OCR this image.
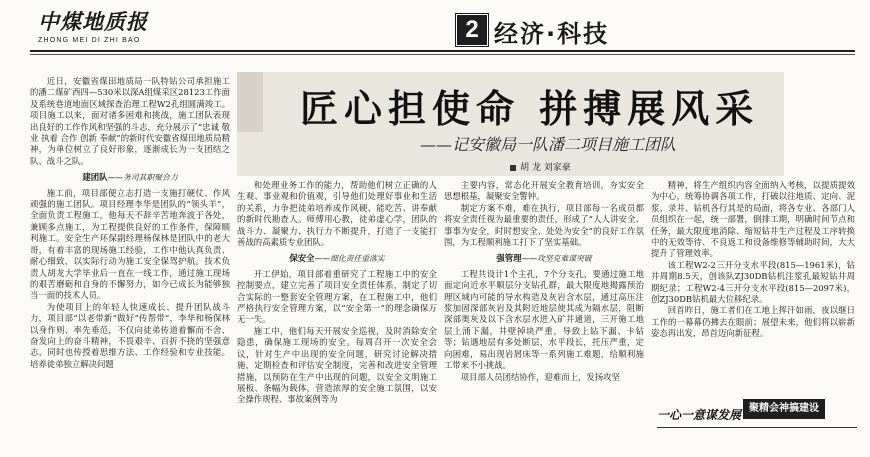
中煤地质报
ZHONG MEI DI ZHI BAO	2 经济·科技
匠心担使命 拼搏展风采
——记安徽局一队潘二项目施工团队
胡 龙 刘家豪

近日，安徽省煤田地质局一队特钻公司承担施工的潘二煤矿西四—530米以深A组煤采区28123工作面及系统巷道地面区域探查治理工程W2孔组圆满竣工。项目施工以来，面对诸多困难和挑战，施工团队表现出良好的工作作风和坚强的斗志，充分展示了“忠诚 敬业 执着 合作 创新 奉献”的新时代安徽省煤田地质局精神，为单位树立了良好形象，逐渐成长为一支团结之队、战斗之队。

建团队——务司其职聚合力

施工前，项目部便立志打造一支施打硬仗、作风顽强的施工团队。项目经理李华是团队的“领头羊”，全面负责工程施工，他每天不辞辛苦地奔波于各处，兼顾多点施工，为工程提供良好的工作条件，保障顺利施工。安全生产环保副经理杨保林是团队中的老大哥，有着丰富的现场施工经验，工作中他认真负责、耐心细致，以实际行动为施工安全保驾护航。技术负责人胡龙大学毕业后一直在一线工作，通过施工现场的艰苦磨砺和自身的不懈努力，如今已成长为能够独当一面的技术人员。

为使项目上的年轻人快速成长、提升团队战斗力，项目部“以老带新”做好“传帮带”，李华和杨保林以身作则、率先垂范，不仅向徒弟传道着懈而不舍、奋发向上的奋斗精神，不畏艰辛、百折不挠的坚强意志，同时也传授着思维方法、工作经验和专业技能。培养徒弟独立解决问题

和处理业务工作的能力，帮助他们树立正确的人生观、事业观和价值观，引导他们处理好事业和生活的关系，力争把徒弟培养成作风硬、能吃苦、讲奉献的新时代勘查人。师傅用心教，徒弟虚心学，团队的战斗力、凝聚力、执行力不断提升，打造了一支能打善战的高素质专业团队。

保安全——细化责任重落实

开工伊始，项目部着重研究了工程施工中的安全控制要点，建立完善了项目安全责任体系，制定了切合实际的一整套安全管理方案，在工程施工中，他们严格执行安全管理方案，以“安全第一”的理念确保万无一失。

施工中，他们每天开展安全巡视，及时消除安全隐患，确保施工现场的安全。每周召开一次安全会议，针对生产中出现的安全问题，研究讨论解决措施，定期检查和评估安全制度，完善和改进安全管理措施，以预防在生产中出现的问题，以安全文明施工展板、条幅为载体，营造浓厚的安全施工氛围，以安全操作规程、事故案例等为

主要内容，常态化开展安全教育培训，夯实安全思想根基，凝聚安全警钟。

制定方案不难，难在执行，项目部每一名成员都将安全责任视为最重要的责任，形成了“人人讲安全、事事为安全，时时想安全、处处为安全”的良好工作氛围，为工程顺利施工打下了坚实基础。

强管理——攻坚克难谋突破

工程共设计1个主孔，7个分支孔，要通过施工地面定向近水平顺层分支钻孔群，最大限度地揭露预治理区域内可能的导水构造及灰岩含水层，通过高压注浆加固深部灰岩及其附近地层使其成为隔水层，阻断深部奥灰及以下含水层水进入矿井通道，三开施工地层上涌下漏，井壁掉块严重，导致上钻下漏、卡钻等；钻遇地层有多处断层，水平段长，托压严重，定向困难，易出现岩屑床等一系列施工难题，给顺利施工带来不小挑战。

项目部人员团结协作，迎难而上，发扬攻坚

精神，将生产组织内容全面纳入考核，以提质提效为中心，统筹协调各项工作，打破以往地质、定向、泥浆、录井、钻机各行其是的局面，将各专业、各部门人员组织在一起，统一部署，倒排工期，明确时间节点和任务，最大限度地消除、缩短钻井生产过程及工序转换中的无效等待、不良返工和设备维修等辅助时间，大大提升了管理效率。

该工程W2-2三开分支水平段(815—1961米)，钻井周期8.5天，创该队ZJ30DB钻机注浆孔最短钻井周期纪录；工程W2-4三开分支水平段(815—2097米)，创ZJ30DB钻机最大位移纪录。

回首昨日，施工者们在工地上挥汗如雨，夜以继日工作的一幕幕仍拂去在眼前；展望未来，他们将以崭新姿态再出发，昂首迈向新征程。

一心一意谋发展 聚精会神搞建设
